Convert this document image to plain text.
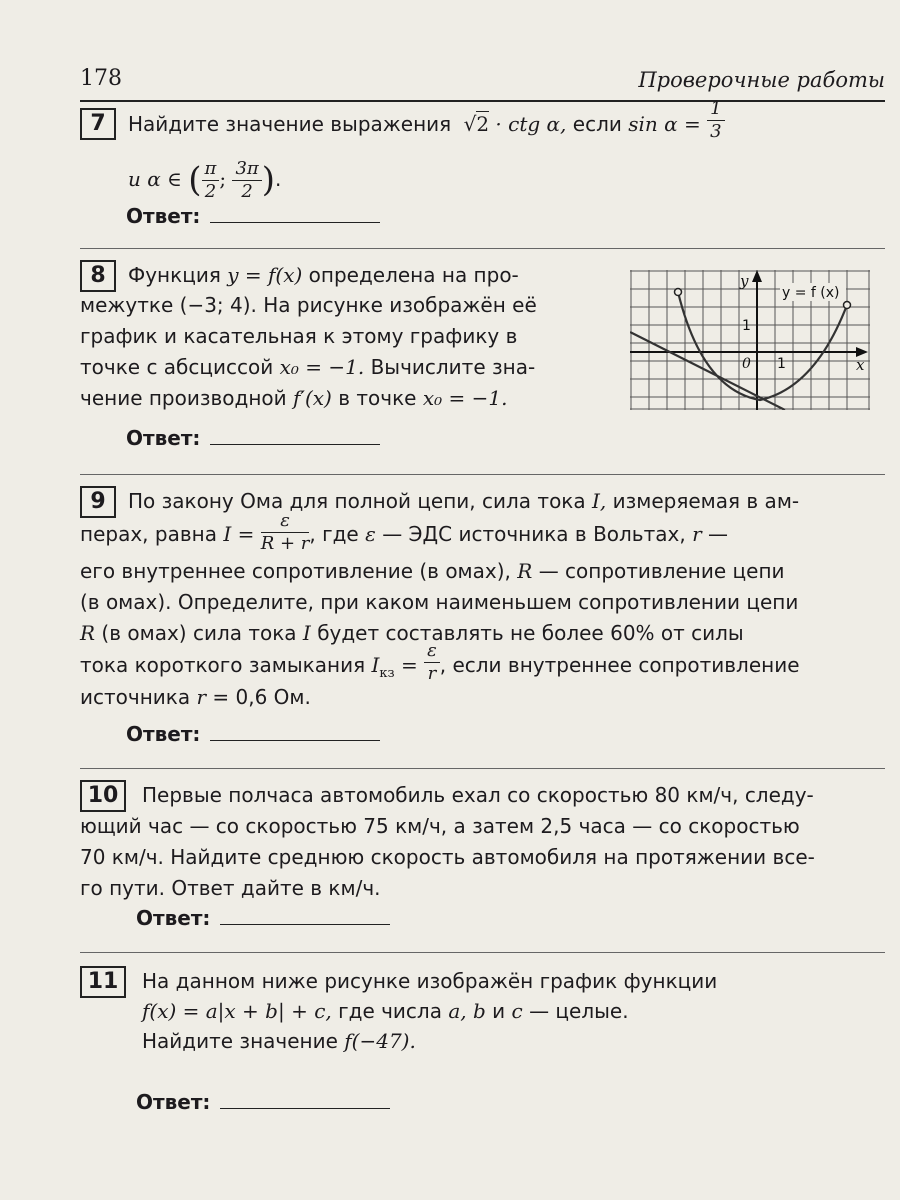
178	Проверочные работы
7	Найдите значение выражения √2 · ctg α, если $\sin \alpha = \frac{1}{3}$
и α ∈ ( $\frac{\pi}{2}$ ; $\frac{3\pi}{2}$ ).
Ответ:
8	Функция y = f(x) определена на про-
межутке (−3; 4). На рисунке изображён её
график и касательная к этому графику в
точке с абсциссой x₀ = −1. Вычислите зна-
чение производной f′(x) в точке x₀ = −1.
y = f (x)
y
x
0 1
1
Ответ:
9	По закону Ома для полной цепи, сила тока I, измеряемая в ам-
перах, равна $I = \frac{\varepsilon}{R + r}$ , где ε — ЭДС источника в Вольтах, r —
его внутреннее сопротивление (в омах), R — сопротивление цепи
(в омах). Определите, при каком наименьшем сопротивлении цепи
R (в омах) сила тока I будет составлять не более 60% от силы
тока короткого замыкания $I_{кз} = \frac{\varepsilon}{r}$ , если внутреннее сопротивление
источника r = 0,6 Ом.
Ответ:
10	Первые полчаса автомобиль ехал со скоростью 80 км/ч, следу-
ющий час — со скоростью 75 км/ч, а затем 2,5 часа — со скоростью
70 км/ч. Найдите среднюю скорость автомобиля на протяжении все-
го пути. Ответ дайте в км/ч.
Ответ:
11	На данном ниже рисунке изображён график функции
f(x) = a|x + b| + c, где числа a, b и c — целые.
Найдите значение f(−47).
Ответ:
